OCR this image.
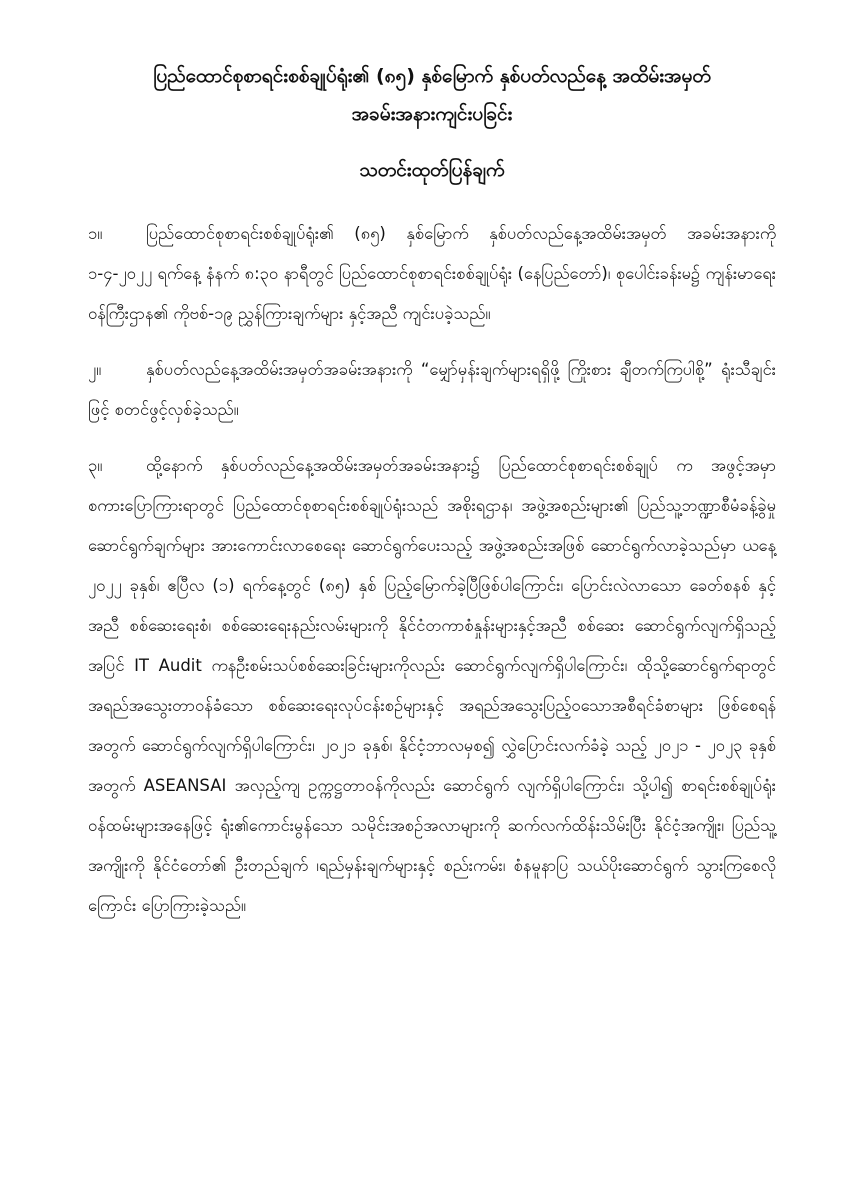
ပြည်ထောင်စုစာရင်းစစ်ချုပ်ရုံး၏ (၈၅) နှစ်မြောက် နှစ်ပတ်လည်နေ့ အထိမ်းအမှတ်
အခမ်းအနားကျင်းပခြင်း
သတင်းထုတ်ပြန်ချက်

၁။	ပြည်ထောင်စုစာရင်းစစ်ချုပ်ရုံး၏ (၈၅) နှစ်မြောက် နှစ်ပတ်လည်နေ့အထိမ်းအမှတ် အခမ်းအနားကို ၁-၄-၂၀၂၂ ရက်နေ့ နံနက် ၈:၃၀ နာရီတွင် ပြည်ထောင်စုစာရင်းစစ်ချုပ်ရုံး (နေပြည်တော်)၊ စုပေါင်းခန်းမ၌ ကျန်းမာရေးဝန်ကြီးဌာန၏ ကိုဗစ်-၁၉ ညွှန်ကြားချက်များ နှင့်အညီ ကျင်းပခဲ့သည်။

၂။	နှစ်ပတ်လည်နေ့အထိမ်းအမှတ်အခမ်းအနားကို “မျှော်မှန်းချက်များရရှိဖို့ ကြိုးစား ချီတက်ကြပါစို့” ရုံးသီချင်းဖြင့် စတင်ဖွင့်လှစ်ခဲ့သည်။

၃။	ထို့နောက် နှစ်ပတ်လည်နေ့အထိမ်းအမှတ်အခမ်းအနား၌ ပြည်ထောင်စုစာရင်းစစ်ချုပ် က အဖွင့်အမှာစကားပြောကြားရာတွင် ပြည်ထောင်စုစာရင်းစစ်ချုပ်ရုံးသည် အစိုးရဌာန၊ အဖွဲ့အစည်းများ၏ ပြည်သူ့ဘဏ္ဍာစီမံခန့်ခွဲမှုဆောင်ရွက်ချက်များ အားကောင်းလာစေရေး ဆောင်ရွက်ပေးသည့် အဖွဲ့အစည်းအဖြစ် ဆောင်ရွက်လာခဲ့သည်မှာ ယနေ့ ၂၀၂၂ ခုနှစ်၊ ဧပြီလ (၁) ရက်နေ့တွင် (၈၅) နှစ် ပြည့်မြောက်ခဲ့ပြီဖြစ်ပါကြောင်း၊ ပြောင်းလဲလာသော ခေတ်စနစ် နှင့်အညီ စစ်ဆေးရေးစံ၊ စစ်ဆေးရေးနည်းလမ်းများကို နိုင်ငံတကာစံနှုန်းများနှင့်အညီ စစ်ဆေး ဆောင်ရွက်လျက်ရှိသည့်အပြင် IT Audit ကနဦးစမ်းသပ်စစ်ဆေးခြင်းများကိုလည်း ဆောင်ရွက်လျက်ရှိပါကြောင်း၊ ထိုသို့ဆောင်ရွက်ရာတွင် အရည်အသွေးတာဝန်ခံသော စစ်ဆေးရေးလုပ်ငန်းစဉ်များနှင့် အရည်အသွေးပြည့်ဝသောအစီရင်ခံစာများ ဖြစ်စေရန် အတွက် ဆောင်ရွက်လျက်ရှိပါကြောင်း၊ ၂၀၂၁ ခုနှစ်၊ နိုင်ငံ့ဘာလမှစ၍ လွှဲပြောင်းလက်ခံခဲ့ သည့် ၂၀၂၁ - ၂၀၂၃ ခုနှစ်အတွက် ASEANSAI အလှည့်ကျ ဥက္ကဋ္ဌတာဝန်ကိုလည်း ဆောင်ရွက် လျက်ရှိပါကြောင်း၊ သို့ပါ၍ စာရင်းစစ်ချုပ်ရုံးဝန်ထမ်းများအနေဖြင့် ရုံး၏ကောင်းမွန်သော သမိုင်းအစဉ်အလာများကို ဆက်လက်ထိန်းသိမ်းပြီး နိုင်ငံ့အကျိုး၊ ပြည်သူ့အကျိုးကို နိုင်ငံတော်၏ ဦးတည်ချက် ၊ရည်မှန်းချက်များနှင့် စည်းကမ်း၊ စံနမူနာပြ သယ်ပိုးဆောင်ရွက် သွားကြစေလိုကြောင်း ပြောကြားခဲ့သည်။
